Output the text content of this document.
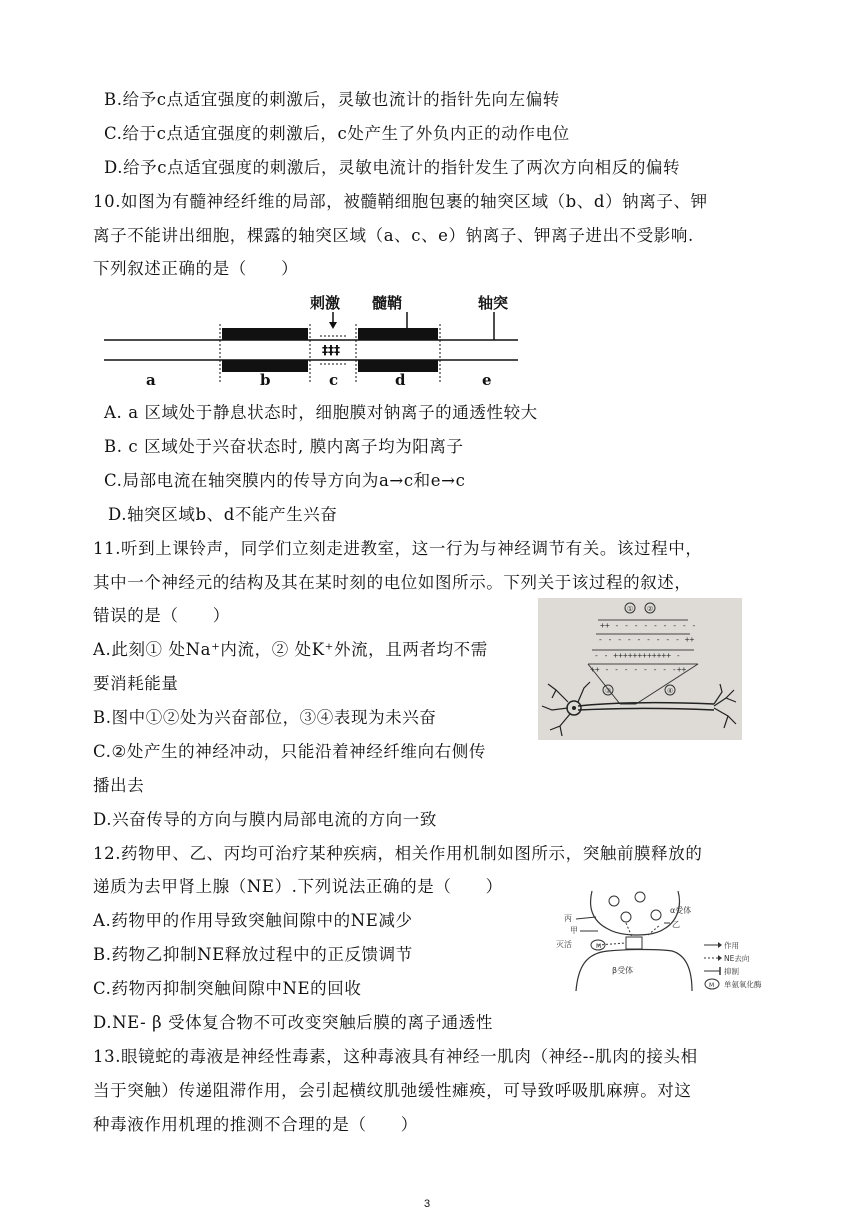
B.给予c点适宜强度的刺激后，灵敏也流计的指针先向左偏转
C.给于c点适宜强度的刺激后，c处产生了外负内正的动作电位
D.给予c点适宜强度的刺激后，灵敏电流计的指针发生了两次方向相反的偏转
10.如图为有髓神经纤维的局部，被髓鞘细胞包裹的轴突区域（b、d）钠离子、钾
离子不能讲出细胞，棵露的轴突区域（a、c、e）钠离子、钾离子进出不受影响.
下列叙述正确的是（　　）
刺激 髓鞘	轴突
‡‡‡
a	b	c	d	e
A. a 区域处于静息状态时，细胞膜对钠离子的通透性较大
B. c 区域处于兴奋状态时, 膜内离子均为阳离子
C.局部电流在轴突膜内的传导方向为a→c和e→c
D.轴突区域b、d不能产生兴奋
11.听到上课铃声，同学们立刻走进教室，这一行为与神经调节有关。该过程中，
其中一个神经元的结构及其在某时刻的电位如图所示。下列关于该过程的叙述，
错误的是（　　）
A.此刻① 处Na⁺内流，② 处K⁺外流，且两者均不需
要消耗能量
B.图中①②处为兴奋部位，③④表现为未兴奋
C.②处产生的神经冲动，只能沿着神经纤维向右侧传
播出去
D.兴奋传导的方向与膜内局部电流的方向一致
① ②
++ - - - - - - - - -
- - - - - - - - - ++
- - ++++++++++++ -
++ - - - - - - - -++
③	④
12.药物甲、乙、丙均可治疗某种疾病，相关作用机制如图所示，突触前膜释放的
递质为去甲肾上腺（NE）.下列说法正确的是（　　）
A.药物甲的作用导致突触间隙中的NE减少
B.药物乙抑制NE释放过程中的正反馈调节
C.药物丙抑制突触间隙中NE的回收
D.NE- β 受体复合物不可改变突触后膜的离子通透性
丙
甲
灭活	M
α受体
乙
β受体
作用
NE去向
抑制
M 单氨氧化酶
13.眼镜蛇的毒液是神经性毒素，这种毒液具有神经一肌肉（神经--肌肉的接头相
当于突触）传递阻滞作用，会引起横纹肌弛缓性瘫痪，可导致呼吸肌麻痹。对这
种毒液作用机理的推测不合理的是（　　）
3
